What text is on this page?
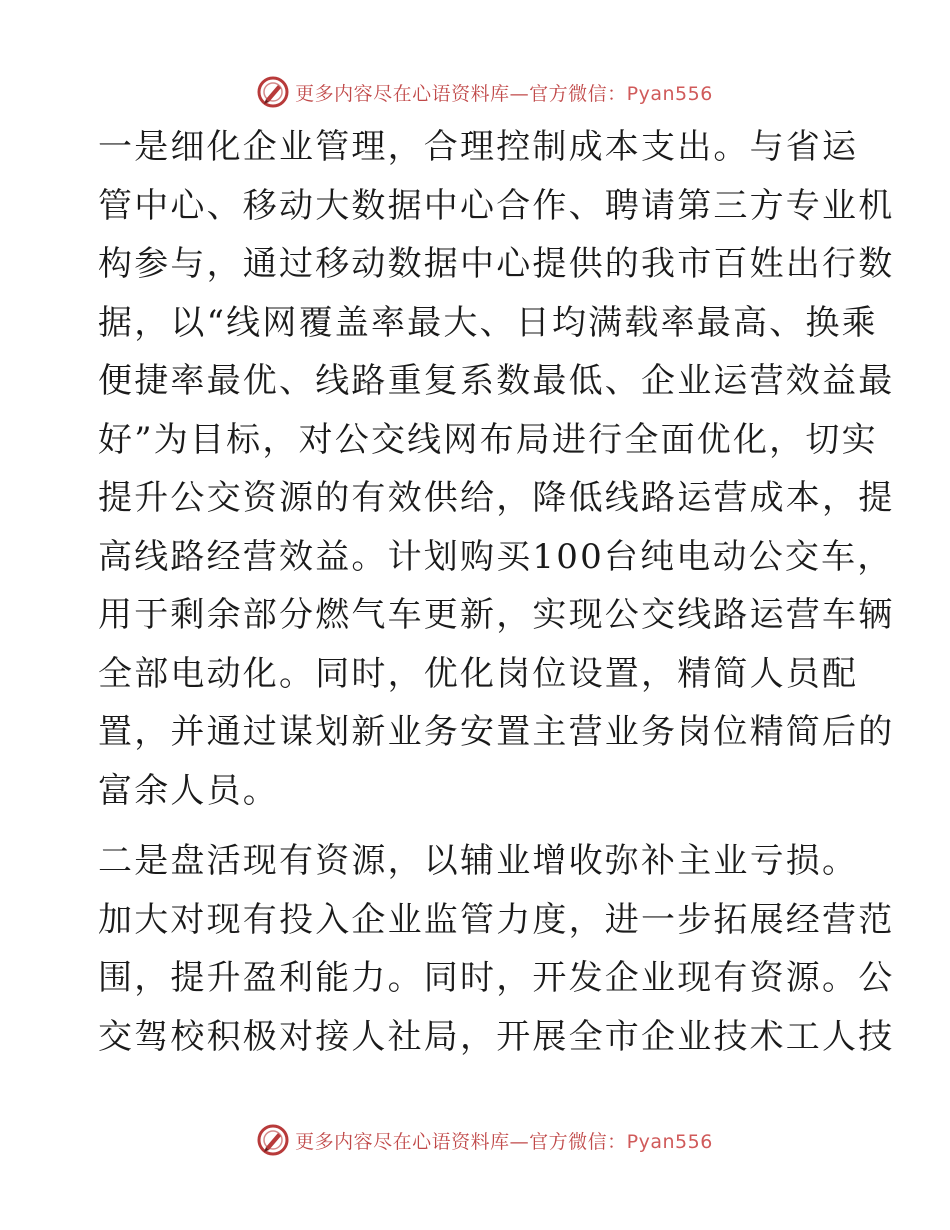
更多内容尽在心语资料库—官方微信：Pyan556

一是细化企业管理，合理控制成本支出。与省运
管中心、移动大数据中心合作、聘请第三方专业机
构参与，通过移动数据中心提供的我市百姓出行数
据，以“线网覆盖率最大、日均满载率最高、换乘
便捷率最优、线路重复系数最低、企业运营效益最
好”为目标，对公交线网布局进行全面优化，切实
提升公交资源的有效供给，降低线路运营成本，提
高线路经营效益。计划购买100台纯电动公交车，
用于剩余部分燃气车更新，实现公交线路运营车辆
全部电动化。同时，优化岗位设置，精简人员配
置，并通过谋划新业务安置主营业务岗位精简后的
富余人员。

二是盘活现有资源，以辅业增收弥补主业亏损。
加大对现有投入企业监管力度，进一步拓展经营范
围，提升盈利能力。同时，开发企业现有资源。公
交驾校积极对接人社局，开展全市企业技术工人技

更多内容尽在心语资料库—官方微信：Pyan556
